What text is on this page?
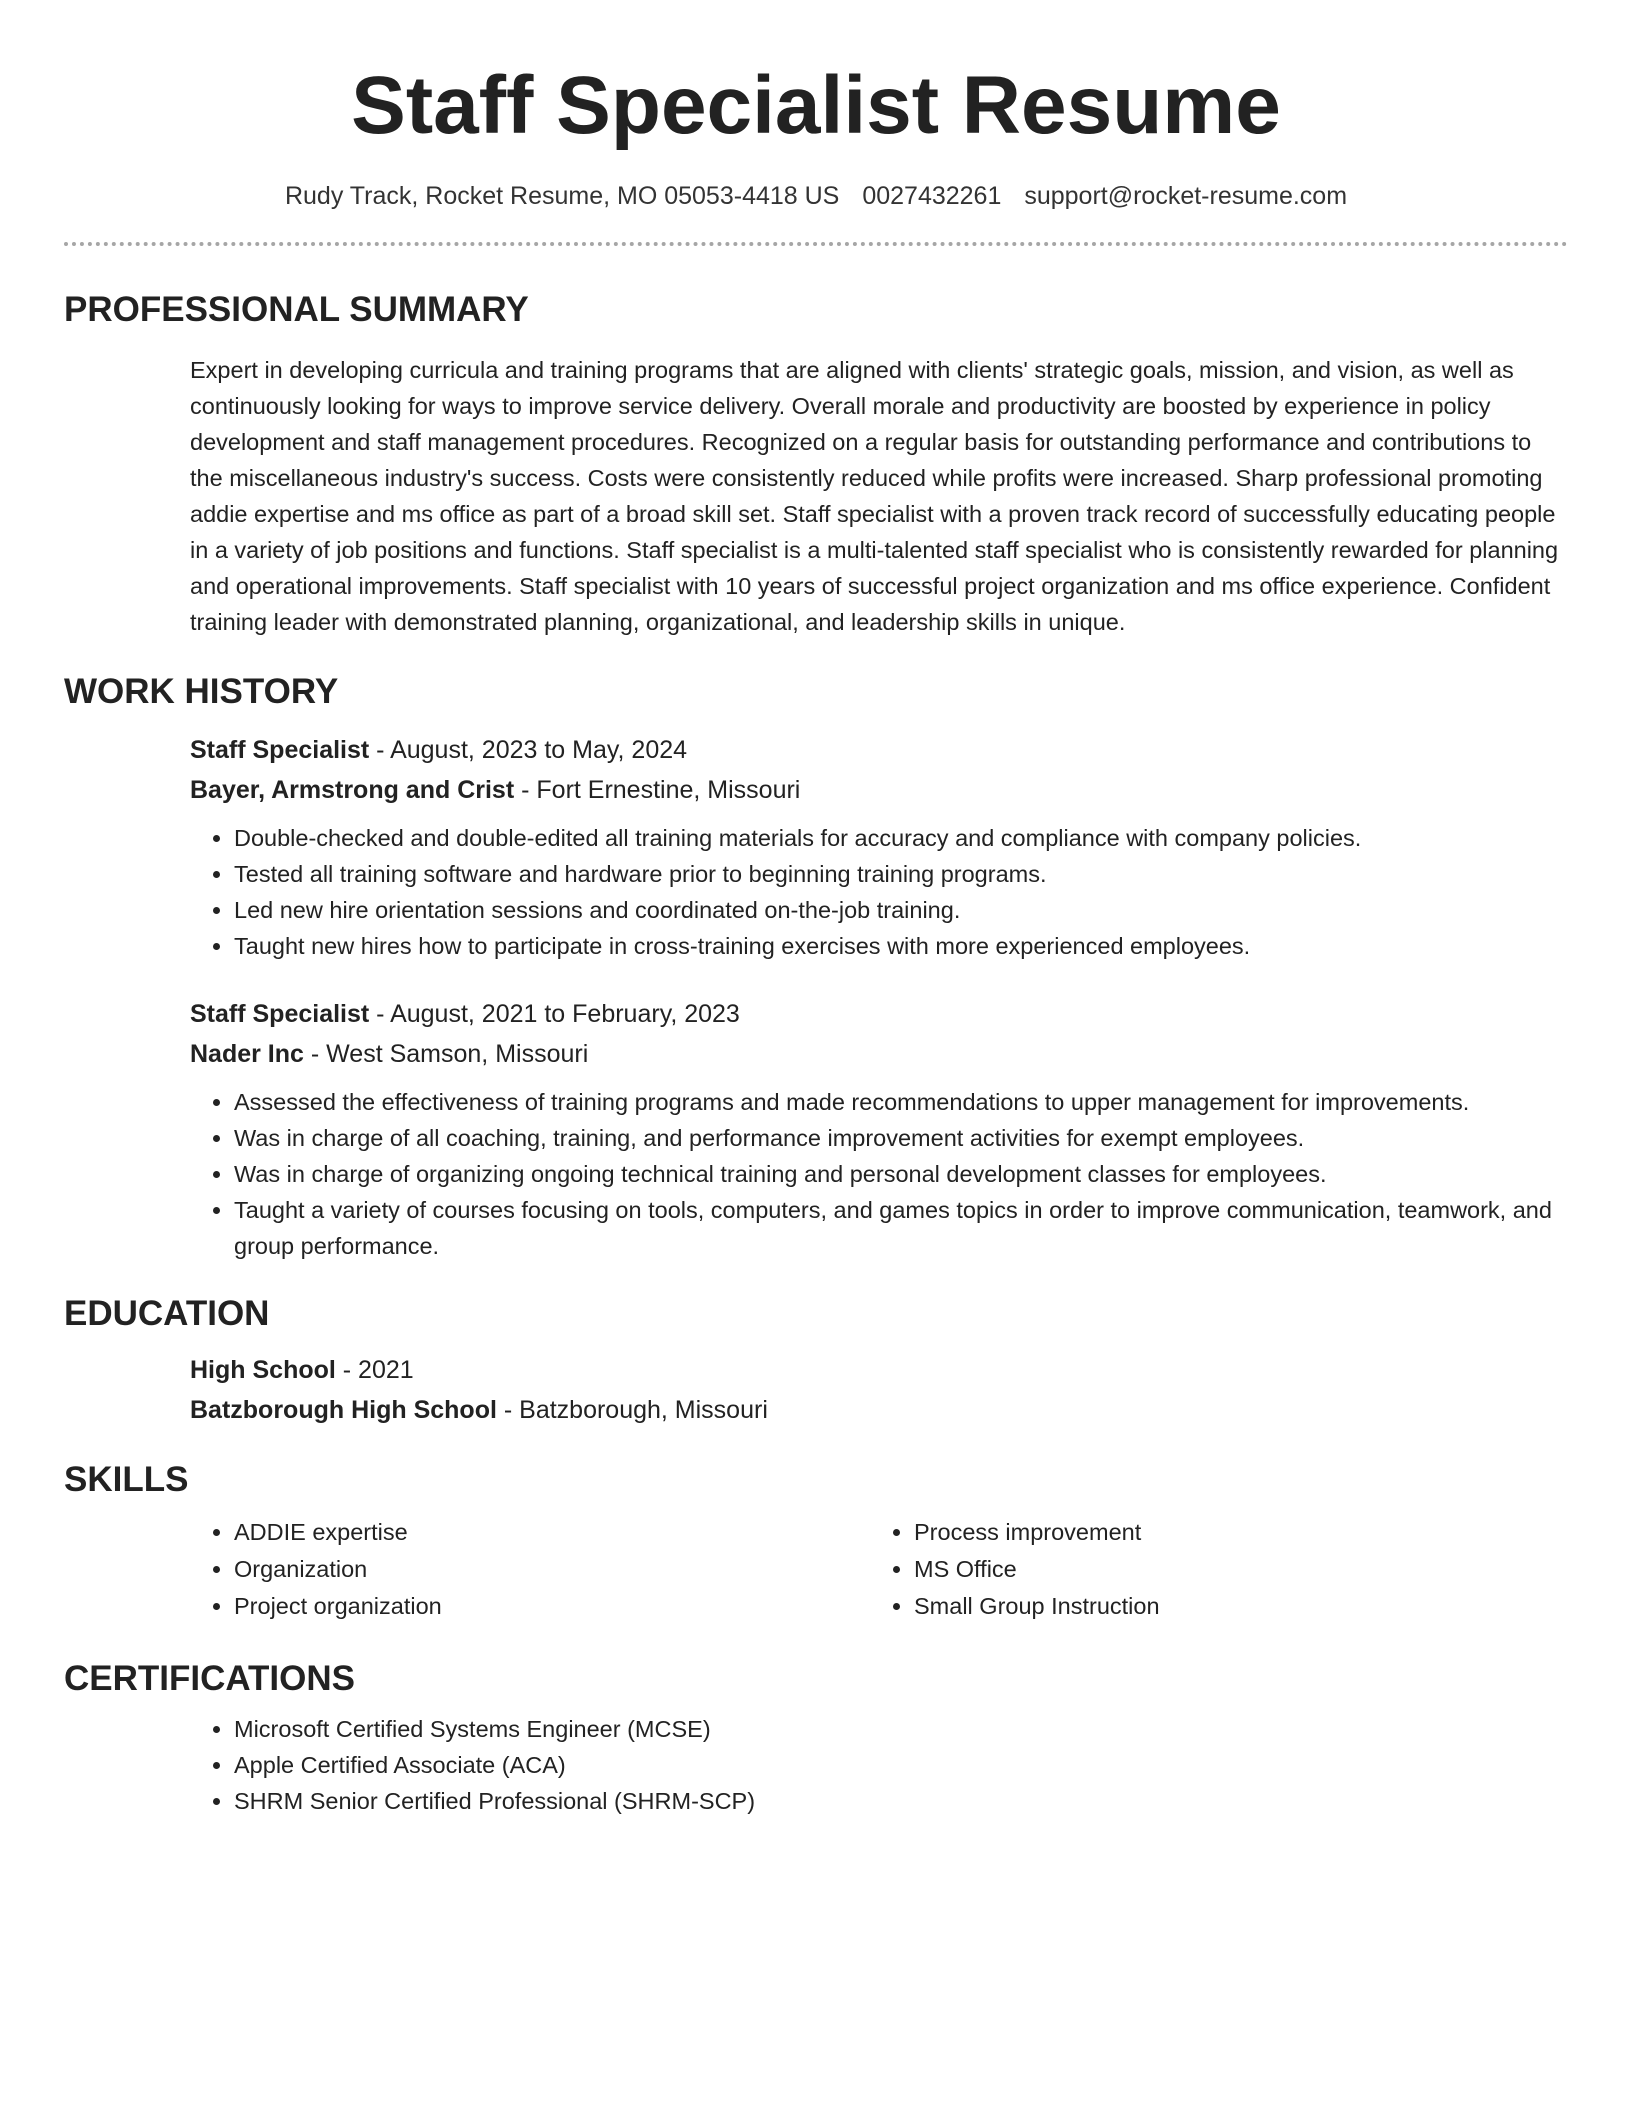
Staff Specialist Resume
Rudy Track, Rocket Resume, MO 05053-4418 US 0027432261 support@rocket-resume.com
PROFESSIONAL SUMMARY

Expert in developing curricula and training programs that are aligned with clients' strategic goals, mission, and vision, as well as continuously looking for ways to improve service delivery. Overall morale and productivity are boosted by experience in policy development and staff management procedures. Recognized on a regular basis for outstanding performance and contributions to the miscellaneous industry's success. Costs were consistently reduced while profits were increased. Sharp professional promoting addie expertise and ms office as part of a broad skill set. Staff specialist with a proven track record of successfully educating people in a variety of job positions and functions. Staff specialist is a multi-talented staff specialist who is consistently rewarded for planning and operational improvements. Staff specialist with 10 years of successful project organization and ms office experience. Confident training leader with demonstrated planning, organizational, and leadership skills in unique.

WORK HISTORY
Staff Specialist - August, 2023 to May, 2024
Bayer, Armstrong and Crist - Fort Ernestine, Missouri
• Double-checked and double-edited all training materials for accuracy and compliance with company policies.
• Tested all training software and hardware prior to beginning training programs.
• Led new hire orientation sessions and coordinated on-the-job training.
• Taught new hires how to participate in cross-training exercises with more experienced employees.
Staff Specialist - August, 2021 to February, 2023
Nader Inc - West Samson, Missouri
• Assessed the effectiveness of training programs and made recommendations to upper management for improvements.
• Was in charge of all coaching, training, and performance improvement activities for exempt employees.
• Was in charge of organizing ongoing technical training and personal development classes for employees.
• Taught a variety of courses focusing on tools, computers, and games topics in order to improve communication, teamwork, and group performance.
EDUCATION
High School - 2021
Batzborough High School - Batzborough, Missouri
SKILLS
• ADDIE expertise
• Organization
• Project organization
• Process improvement
• MS Office
• Small Group Instruction
CERTIFICATIONS
• Microsoft Certified Systems Engineer (MCSE)
• Apple Certified Associate (ACA)
• SHRM Senior Certified Professional (SHRM-SCP)
